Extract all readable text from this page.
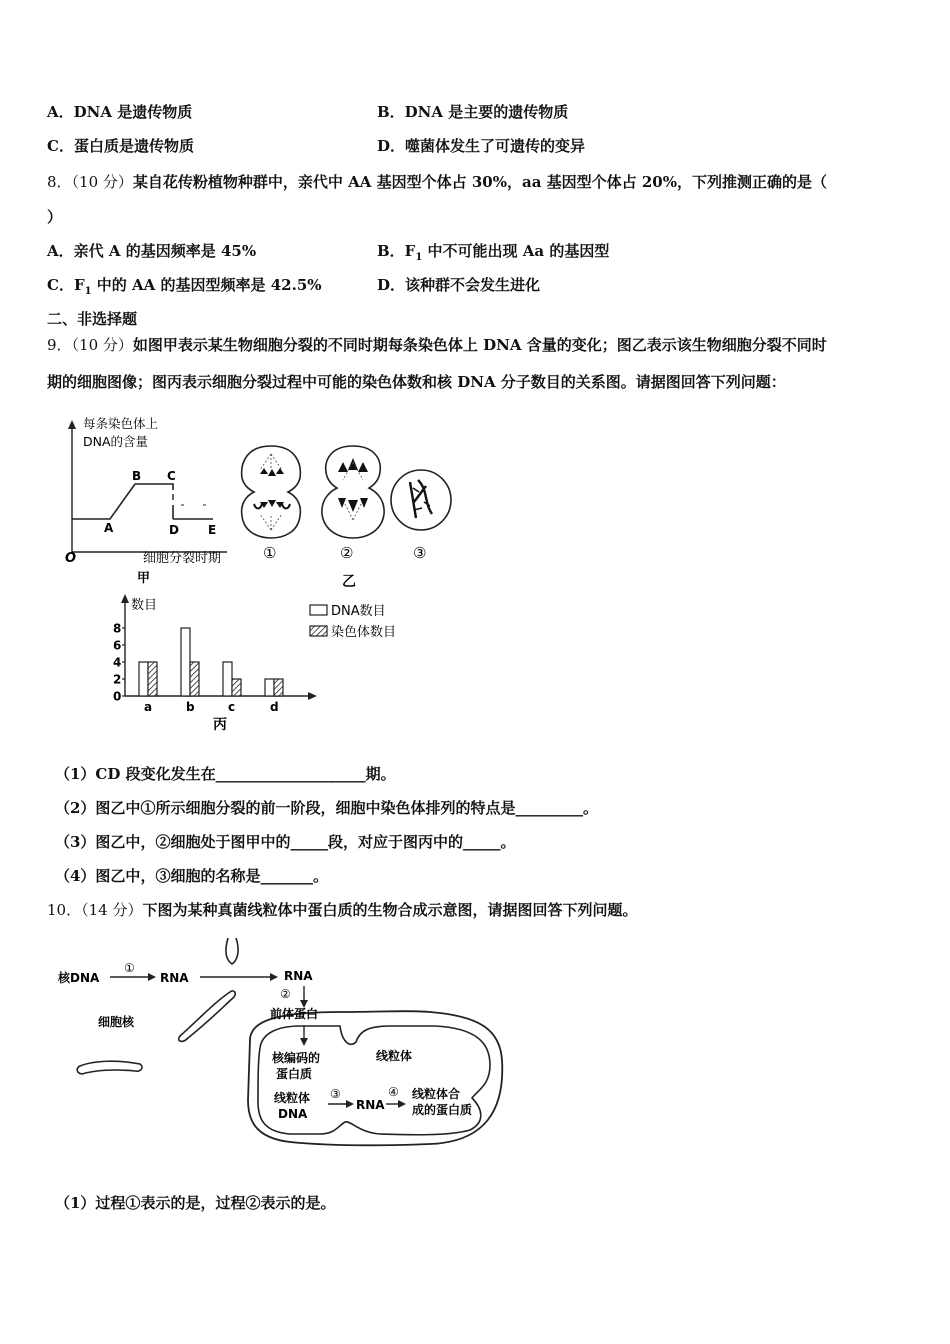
A．DNA 是遗传物质	B．DNA 是主要的遗传物质
C．蛋白质是遗传物质	D．噬菌体发生了可遗传的变异
8．（10 分）某自花传粉植物种群中，亲代中 AA 基因型个体占 30%，aa 基因型个体占 20%，下列推测正确的是（
）
A．亲代 A 的基因频率是 45%	B．$F_1$ 中不可能出现 Aa 的基因型
C．$F_1$ 中的 AA 的基因型频率是 42.5%	D．该种群不会发生进化
二、非选择题
9．（10 分）如图甲表示某生物细胞分裂的不同时期每条染色体上 DNA 含量的变化；图乙表示该生物细胞分裂不同时
期的细胞图像；图丙表示细胞分裂过程中可能的染色体数和核 DNA 分子数目的关系图。请据图回答下列问题：
每条染色体上
DNA的含量
A
B C
D E
O	细胞分裂时期
甲
①	②	③
乙
数目
0
2
4
6
8
a	b	c	d
DNA数目
染色体数目
丙
（1）CD 段变化发生在____________________期。
（2）图乙中①所示细胞分裂的前一阶段，细胞中染色体排列的特点是_________。
（3）图乙中，②细胞处于图甲中的_____段，对应于图丙中的_____。
（4）图乙中，③细胞的名称是_______。
10．（14 分）下图为某种真菌线粒体中蛋白质的生物合成示意图，请据图回答下列问题。
核DNA
①
RNA	RNA
②
前体蛋白
细胞核
核编码的
蛋白质
线粒体
线粒体
DNA
③
RNA
④ 线粒体合
成的蛋白质
（1）过程①表示的是，过程②表示的是。
